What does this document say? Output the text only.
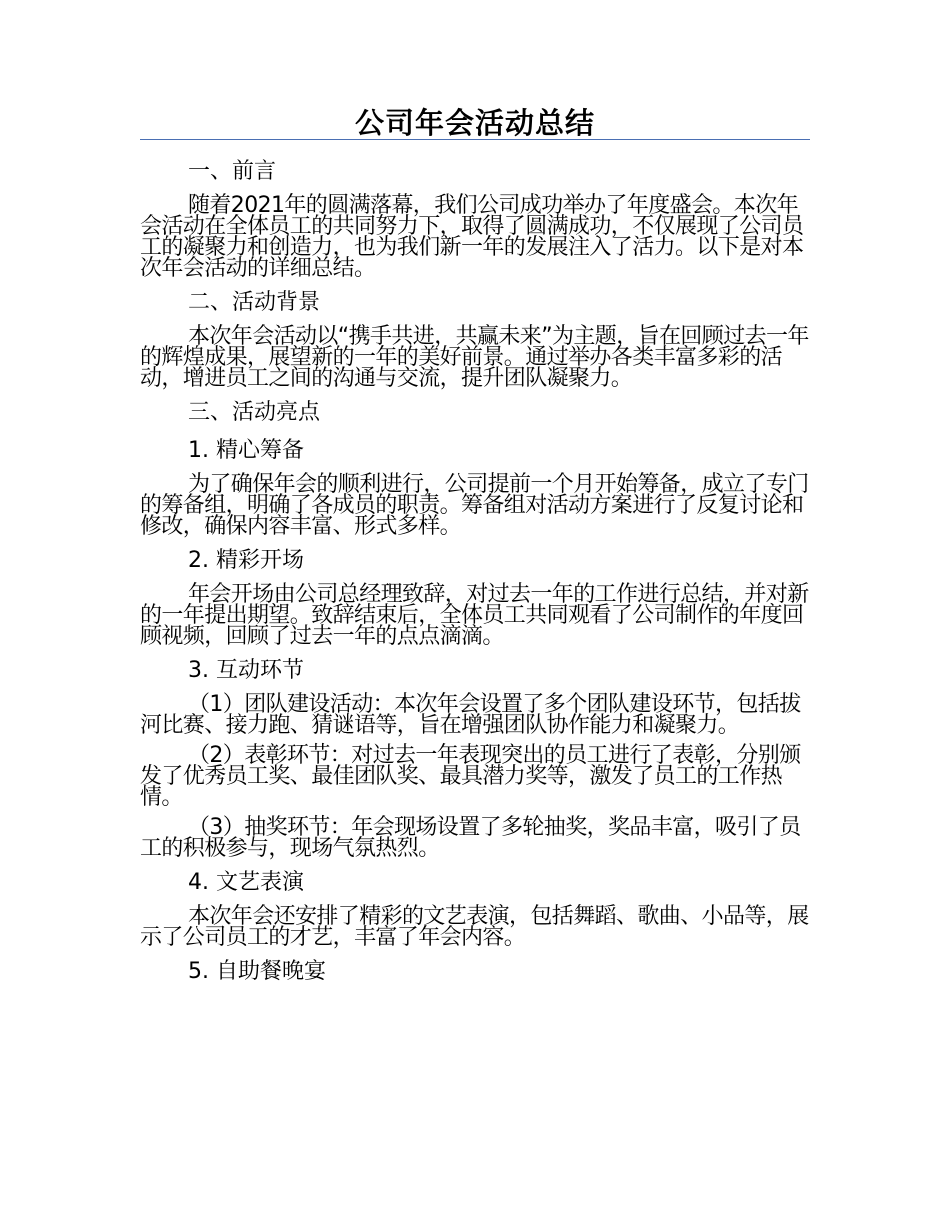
公司年会活动总结
一、前言

随着2021年的圆满落幕，我们公司成功举办了年度盛会。本次年会活动在全体员工的共同努力下，取得了圆满成功，不仅展现了公司员工的凝聚力和创造力，也为我们新一年的发展注入了活力。以下是对本次年会活动的详细总结。

二、活动背景

本次年会活动以“携手共进，共赢未来”为主题，旨在回顾过去一年的辉煌成果，展望新的一年的美好前景。通过举办各类丰富多彩的活动，增进员工之间的沟通与交流，提升团队凝聚力。

三、活动亮点
1. 精心筹备

为了确保年会的顺利进行，公司提前一个月开始筹备，成立了专门的筹备组，明确了各成员的职责。筹备组对活动方案进行了反复讨论和修改，确保内容丰富、形式多样。

2. 精彩开场

年会开场由公司总经理致辞，对过去一年的工作进行总结，并对新的一年提出期望。致辞结束后，全体员工共同观看了公司制作的年度回顾视频，回顾了过去一年的点点滴滴。

3. 互动环节

（1）团队建设活动：本次年会设置了多个团队建设环节，包括拔河比赛、接力跑、猜谜语等，旨在增强团队协作能力和凝聚力。

（2）表彰环节：对过去一年表现突出的员工进行了表彰，分别颁发了优秀员工奖、最佳团队奖、最具潜力奖等，激发了员工的工作热情。

（3）抽奖环节：年会现场设置了多轮抽奖，奖品丰富，吸引了员工的积极参与，现场气氛热烈。

4. 文艺表演

本次年会还安排了精彩的文艺表演，包括舞蹈、歌曲、小品等，展示了公司员工的才艺，丰富了年会内容。

5. 自助餐晚宴
